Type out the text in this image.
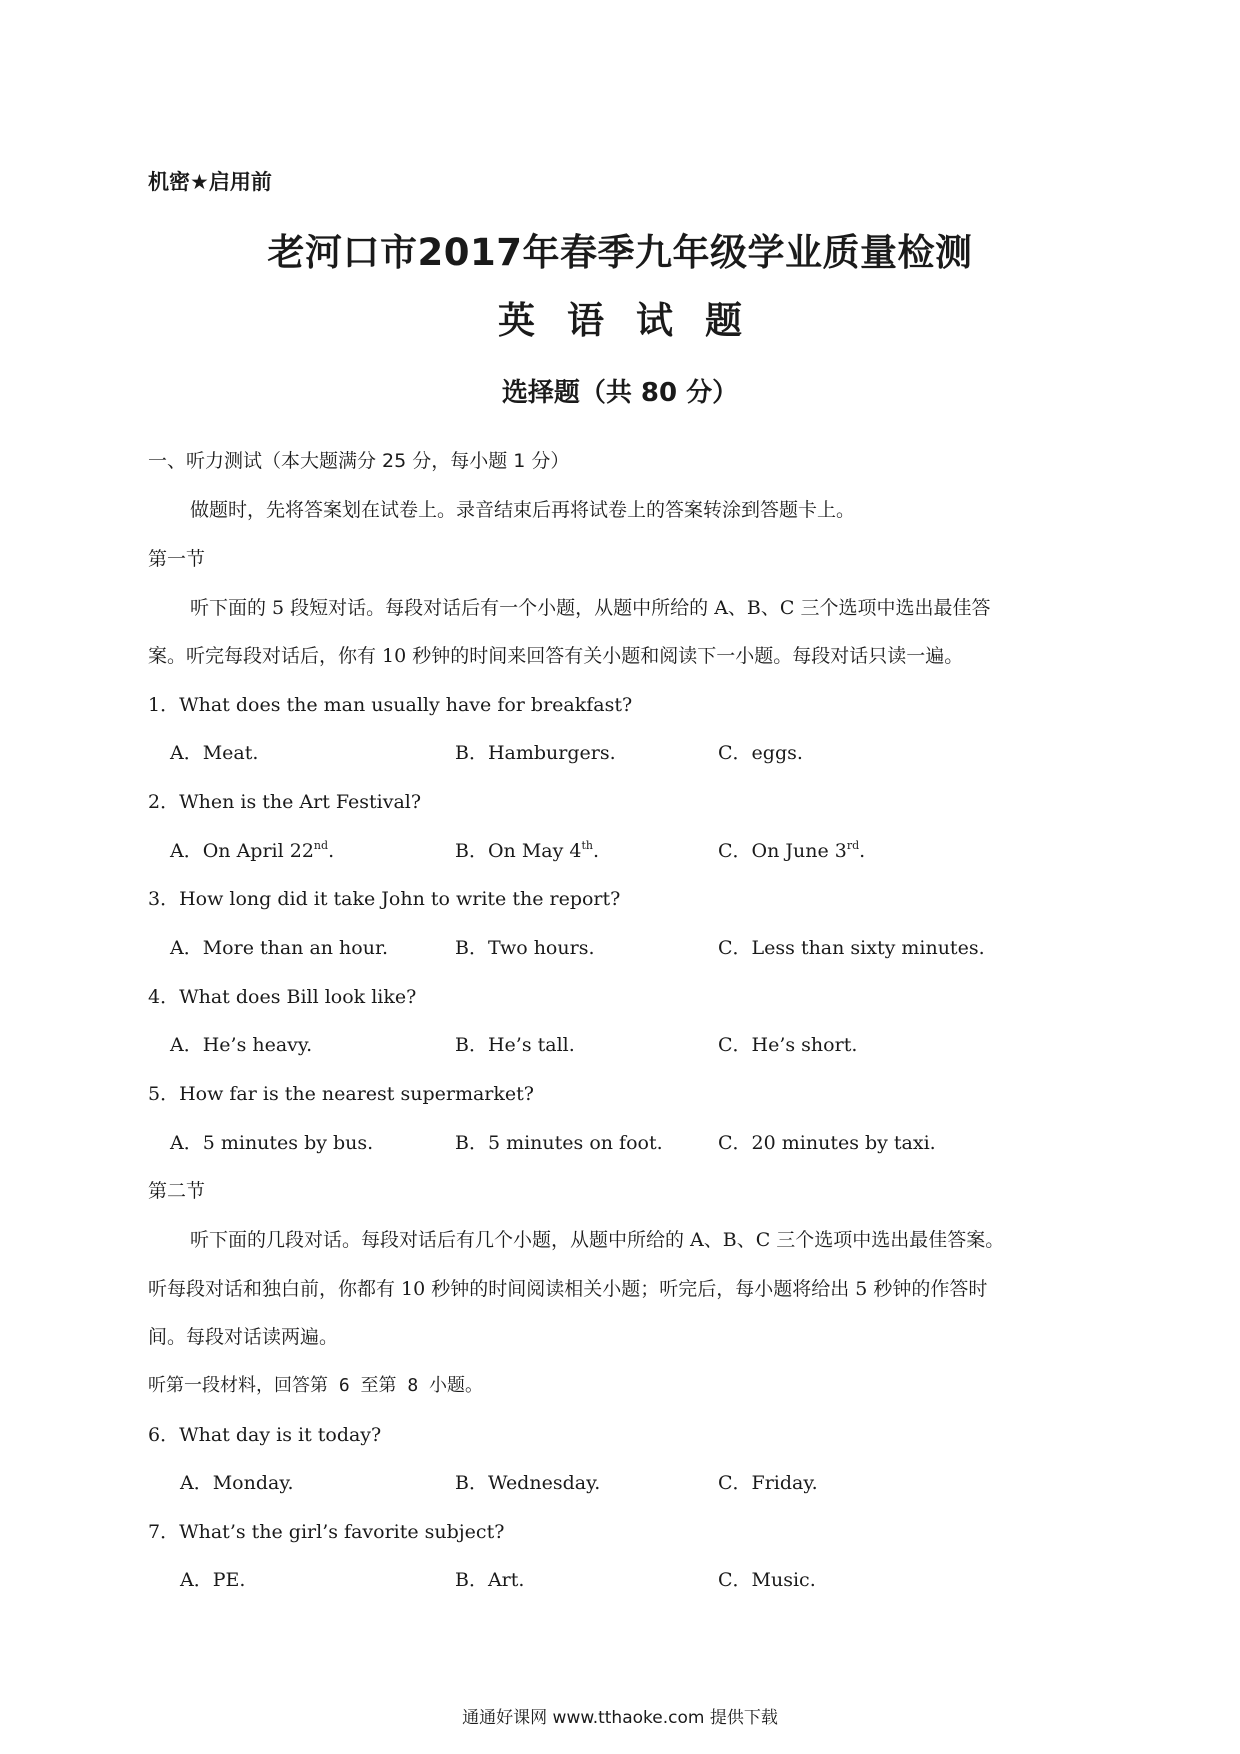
机密★启用前
老河口市2017年春季九年级学业质量检测
英语试题
选择题（共 80 分）
一、听力测试（本大题满分 25 分，每小题 1 分）
做题时，先将答案划在试卷上。录音结束后再将试卷上的答案转涂到答题卡上。
第一节
听下面的 5 段短对话。每段对话后有一个小题，从题中所给的 A、B、C 三个选项中选出最佳答
案。听完每段对话后，你有 10 秒钟的时间来回答有关小题和阅读下一小题。每段对话只读一遍。
1．What does the man usually have for breakfast?
A．Meat.	B．Hamburgers.	C．eggs.
2．When is the Art Festival?
A．On April 22nd.	B．On May 4th.	C．On June 3rd.
3．How long did it take John to write the report?
A．More than an hour.	B．Two hours.	C．Less than sixty minutes.
4．What does Bill look like?
A．He’s heavy.	B．He’s tall.	C．He’s short.
5．How far is the nearest supermarket?
A．5 minutes by bus.	B．5 minutes on foot.	C．20 minutes by taxi.
第二节
听下面的几段对话。每段对话后有几个小题，从题中所给的 A、B、C 三个选项中选出最佳答案。
听每段对话和独白前，你都有 10 秒钟的时间阅读相关小题；听完后，每小题将给出 5 秒钟的作答时
间。每段对话读两遍。
听第一段材料，回答第 6 至第 8 小题。
6．What day is it today?
A．Monday.	B．Wednesday.	C．Friday.
7．What’s the girl’s favorite subject?
A．PE.	B．Art.	C．Music.
通通好课网 www.tthaoke.com 提供下载
